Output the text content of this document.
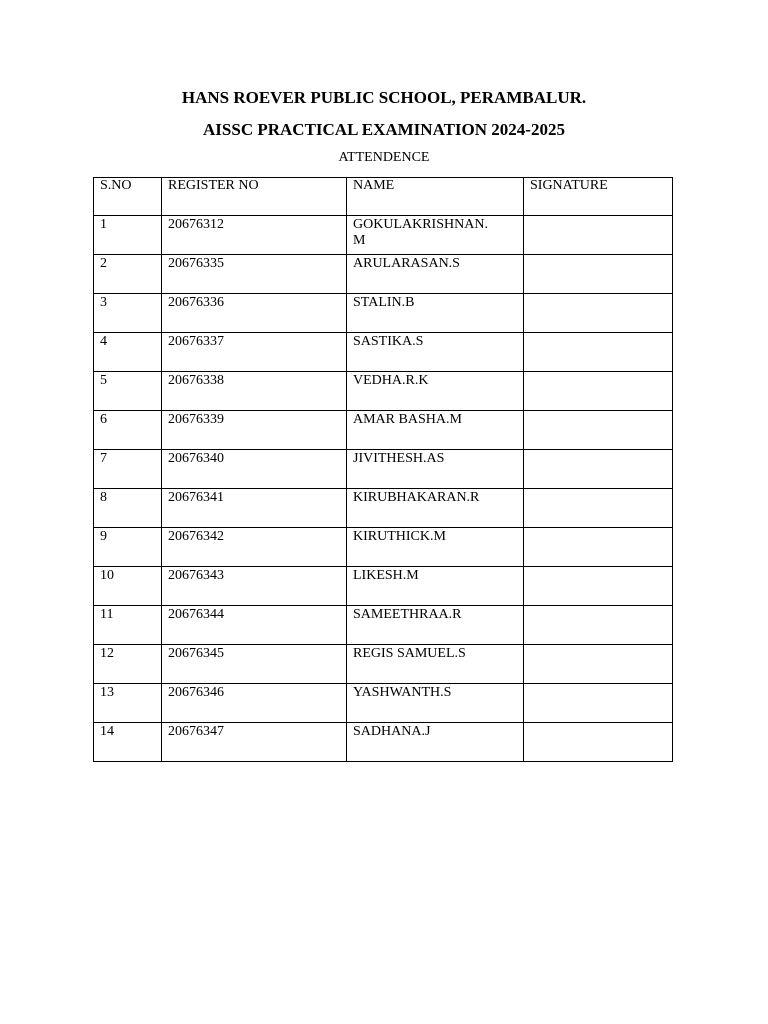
HANS ROEVER PUBLIC SCHOOL, PERAMBALUR.
AISSC PRACTICAL EXAMINATION 2024-2025
ATTENDENCE
S.NO	REGISTER NO	NAME	SIGNATURE
1	20676312	GOKULAKRISHNAN.
M	
2	20676335	ARULARASAN.S	
3	20676336	STALIN.B	
4	20676337	SASTIKA.S	
5	20676338	VEDHA.R.K	
6	20676339	AMAR BASHA.M	
7	20676340	JIVITHESH.AS	
8	20676341	KIRUBHAKARAN.R	
9	20676342	KIRUTHICK.M	
10	20676343	LIKESH.M	
11	20676344	SAMEETHRAA.R	
12	20676345	REGIS SAMUEL.S	
13	20676346	YASHWANTH.S	
14	20676347	SADHANA.J	
